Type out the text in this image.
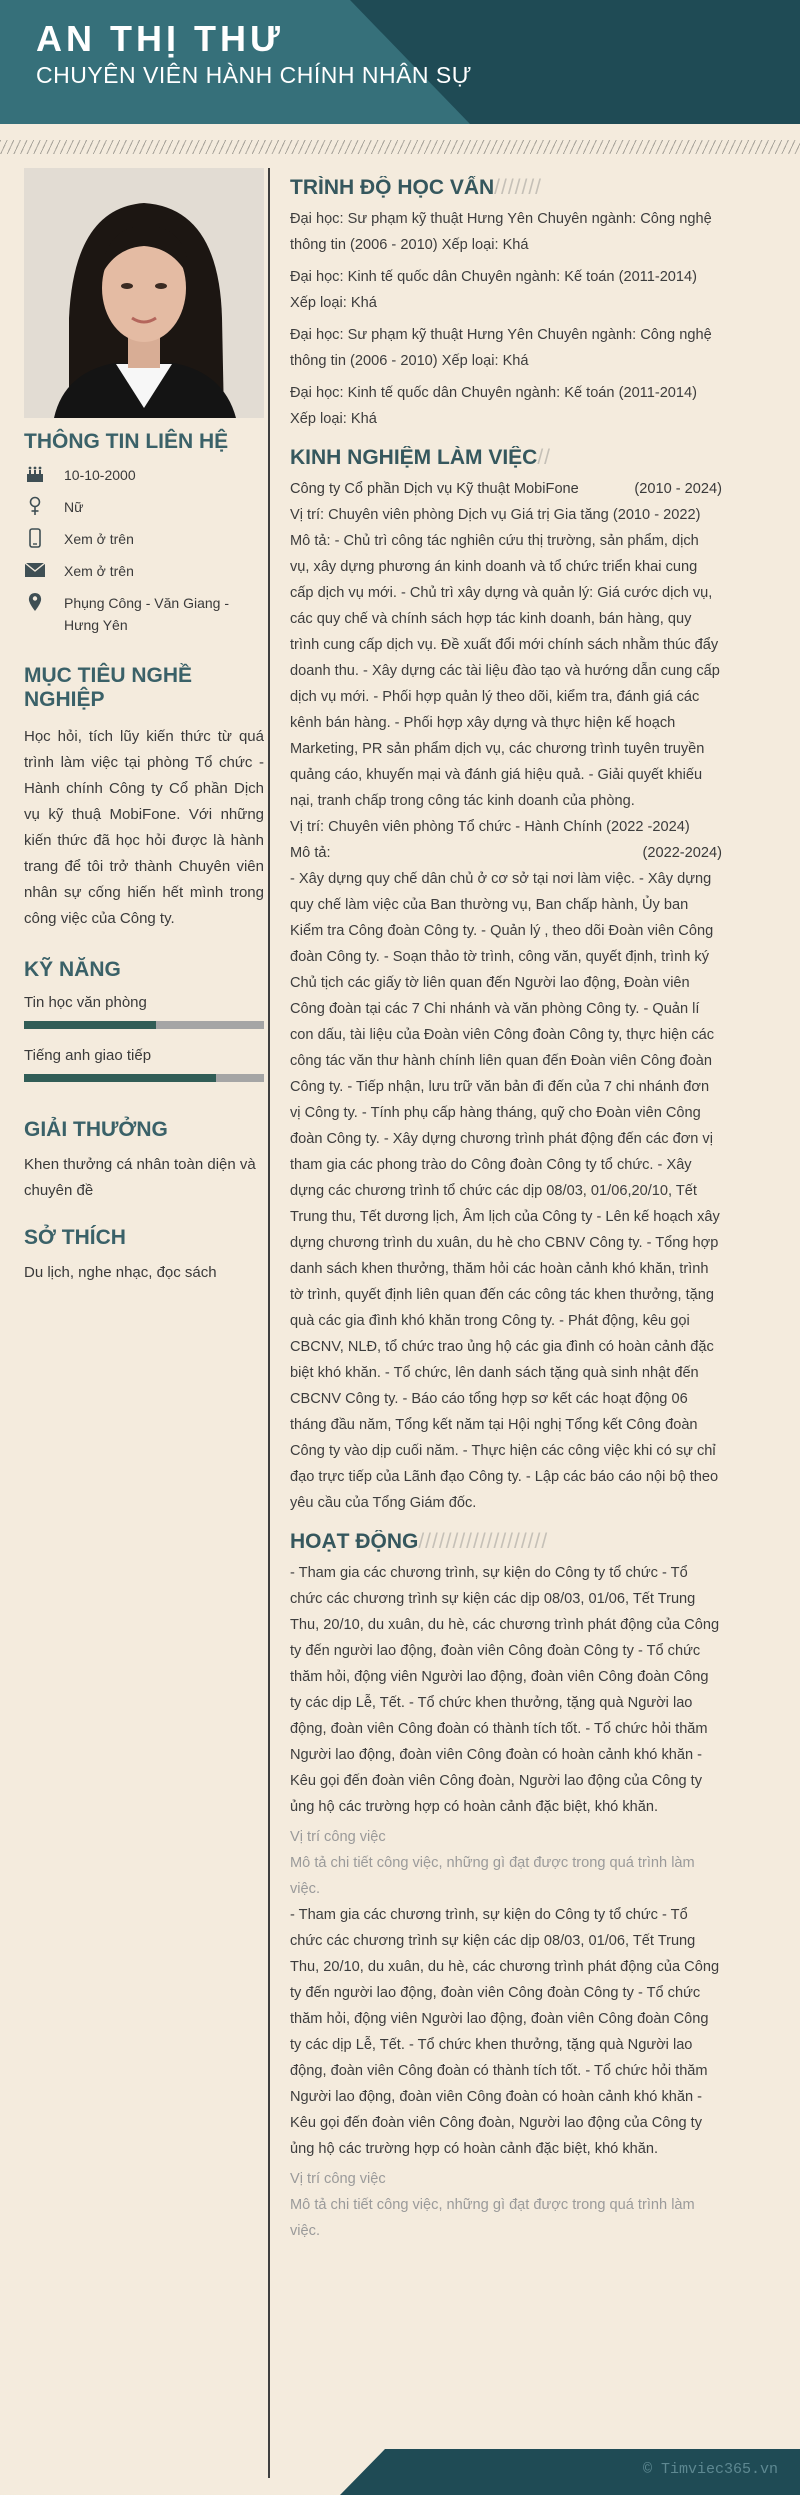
AN THỊ THƯ
CHUYÊN VIÊN HÀNH CHÍNH NHÂN SỰ
THÔNG TIN LIÊN HỆ
10-10-2000
Nữ
Xem ở trên
Xem ở trên
Phụng Công - Văn Giang - Hưng Yên
MỤC TIÊU NGHỀ NGHIỆP
Học hỏi, tích lũy kiến thức từ quá trình làm việc tại phòng Tổ chức - Hành chính Công ty Cổ phần Dịch vụ kỹ thuậ MobiFone. Với những kiến thức đã học hỏi được là hành trang để tôi trở thành Chuyên viên nhân sự cống hiến hết mình trong công việc của Công ty.
KỸ NĂNG
Tin học văn phòng
Tiếng anh giao tiếp
GIẢI THƯỞNG
Khen thưởng cá nhân toàn diện và chuyên đề
SỞ THÍCH
Du lịch, nghe nhạc, đọc sách
TRÌNH ĐỘ HỌC VẤN///////
Đại học: Sư phạm kỹ thuật Hưng Yên Chuyên ngành: Công nghệ thông tin (2006 - 2010) Xếp loại: Khá
Đại học: Kinh tế quốc dân Chuyên ngành: Kế toán (2011-2014)
Xếp loại: Khá
Đại học: Sư phạm kỹ thuật Hưng Yên Chuyên ngành: Công nghệ thông tin (2006 - 2010) Xếp loại: Khá
Đại học: Kinh tế quốc dân Chuyên ngành: Kế toán (2011-2014)
Xếp loại: Khá
KINH NGHIỆM LÀM VIỆC//
Công ty Cổ phần Dịch vụ Kỹ thuật MobiFone	(2010 - 2024)
Vị trí: Chuyên viên phòng Dịch vụ Giá trị Gia tăng (2010 - 2022)
Mô tả: - Chủ trì công tác nghiên cứu thị trường, sản phẩm, dịch vụ, xây dựng phương án kinh doanh và tổ chức triển khai cung cấp dịch vụ mới. - Chủ trì xây dựng và quản lý: Giá cước dịch vụ, các quy chế và chính sách hợp tác kinh doanh, bán hàng, quy trình cung cấp dịch vụ. Đề xuất đổi mới chính sách nhằm thúc đẩy doanh thu. - Xây dựng các tài liệu đào tạo và hướng dẫn cung cấp dịch vụ mới. - Phối hợp quản lý theo dõi, kiểm tra, đánh giá các kênh bán hàng. - Phối hợp xây dựng và thực hiện kế hoạch Marketing, PR sản phẩm dịch vụ, các chương trình tuyên truyền quảng cáo, khuyến mại và đánh giá hiệu quả. - Giải quyết khiếu nại, tranh chấp trong công tác kinh doanh của phòng.
Vị trí: Chuyên viên phòng Tổ chức - Hành Chính (2022 -2024)
Mô tả:	(2022-2024)
- Xây dựng quy chế dân chủ ở cơ sở tại nơi làm việc. - Xây dựng quy chế làm việc của Ban thường vụ, Ban chấp hành, Ủy ban Kiểm tra Công đoàn Công ty. - Quản lý , theo dõi Đoàn viên Công đoàn Công ty. - Soạn thảo tờ trình, công văn, quyết định, trình ký Chủ tịch các giấy tờ liên quan đến Người lao động, Đoàn viên Công đoàn tại các 7 Chi nhánh và văn phòng Công ty. - Quản lí con dấu, tài liệu của Đoàn viên Công đoàn Công ty, thực hiện các công tác văn thư hành chính liên quan đến Đoàn viên Công đoàn Công ty. - Tiếp nhận, lưu trữ văn bản đi đến của 7 chi nhánh đơn vị Công ty. - Tính phụ cấp hàng tháng, quỹ cho Đoàn viên Công đoàn Công ty. - Xây dựng chương trình phát động đến các đơn vị tham gia các phong trào do Công đoàn Công ty tổ chức. - Xây dựng các chương trình tổ chức các dịp 08/03, 01/06,20/10, Tết Trung thu, Tết dương lịch, Âm lịch của Công ty - Lên kế hoạch xây dựng chương trình du xuân, du hè cho CBNV Công ty. - Tổng hợp danh sách khen thưởng, thăm hỏi các hoàn cảnh khó khăn, trình tờ trình, quyết định liên quan đến các công tác khen thưởng, tặng quà các gia đình khó khăn trong Công ty. - Phát động, kêu gọi CBCNV, NLĐ, tổ chức trao ủng hộ các gia đình có hoàn cảnh đặc biệt khó khăn. - Tổ chức, lên danh sách tặng quà sinh nhật đến CBCNV Công ty. - Báo cáo tổng hợp sơ kết các hoạt động 06 tháng đầu năm, Tổng kết năm tại Hội nghị Tổng kết Công đoàn Công ty vào dịp cuối năm. - Thực hiện các công việc khi có sự chỉ đạo trực tiếp của Lãnh đạo Công ty. - Lập các báo cáo nội bộ theo yêu cầu của Tổng Giám đốc.
HOẠT ĐỘNG///////////////////
- Tham gia các chương trình, sự kiện do Công ty tổ chức - Tổ chức các chương trình sự kiện các dịp 08/03, 01/06, Tết Trung Thu, 20/10, du xuân, du hè, các chương trình phát động của Công ty đến người lao động, đoàn viên Công đoàn Công ty - Tổ chức thăm hỏi, động viên Người lao động, đoàn viên Công đoàn Công ty các dịp Lễ, Tết. - Tổ chức khen thưởng, tặng quà Người lao động, đoàn viên Công đoàn có thành tích tốt. - Tổ chức hỏi thăm Người lao động, đoàn viên Công đoàn có hoàn cảnh khó khăn - Kêu gọi đến đoàn viên Công đoàn, Người lao động của Công ty ủng hộ các trường hợp có hoàn cảnh đặc biệt, khó khăn.
Vị trí công việc
Mô tả chi tiết công việc, những gì đạt được trong quá trình làm việc.
- Tham gia các chương trình, sự kiện do Công ty tổ chức - Tổ chức các chương trình sự kiện các dịp 08/03, 01/06, Tết Trung Thu, 20/10, du xuân, du hè, các chương trình phát động của Công ty đến người lao động, đoàn viên Công đoàn Công ty - Tổ chức thăm hỏi, động viên Người lao động, đoàn viên Công đoàn Công ty các dịp Lễ, Tết. - Tổ chức khen thưởng, tặng quà Người lao động, đoàn viên Công đoàn có thành tích tốt. - Tổ chức hỏi thăm Người lao động, đoàn viên Công đoàn có hoàn cảnh khó khăn - Kêu gọi đến đoàn viên Công đoàn, Người lao động của Công ty ủng hộ các trường hợp có hoàn cảnh đặc biệt, khó khăn.
Vị trí công việc
Mô tả chi tiết công việc, những gì đạt được trong quá trình làm việc.
© Timviec365.vn
